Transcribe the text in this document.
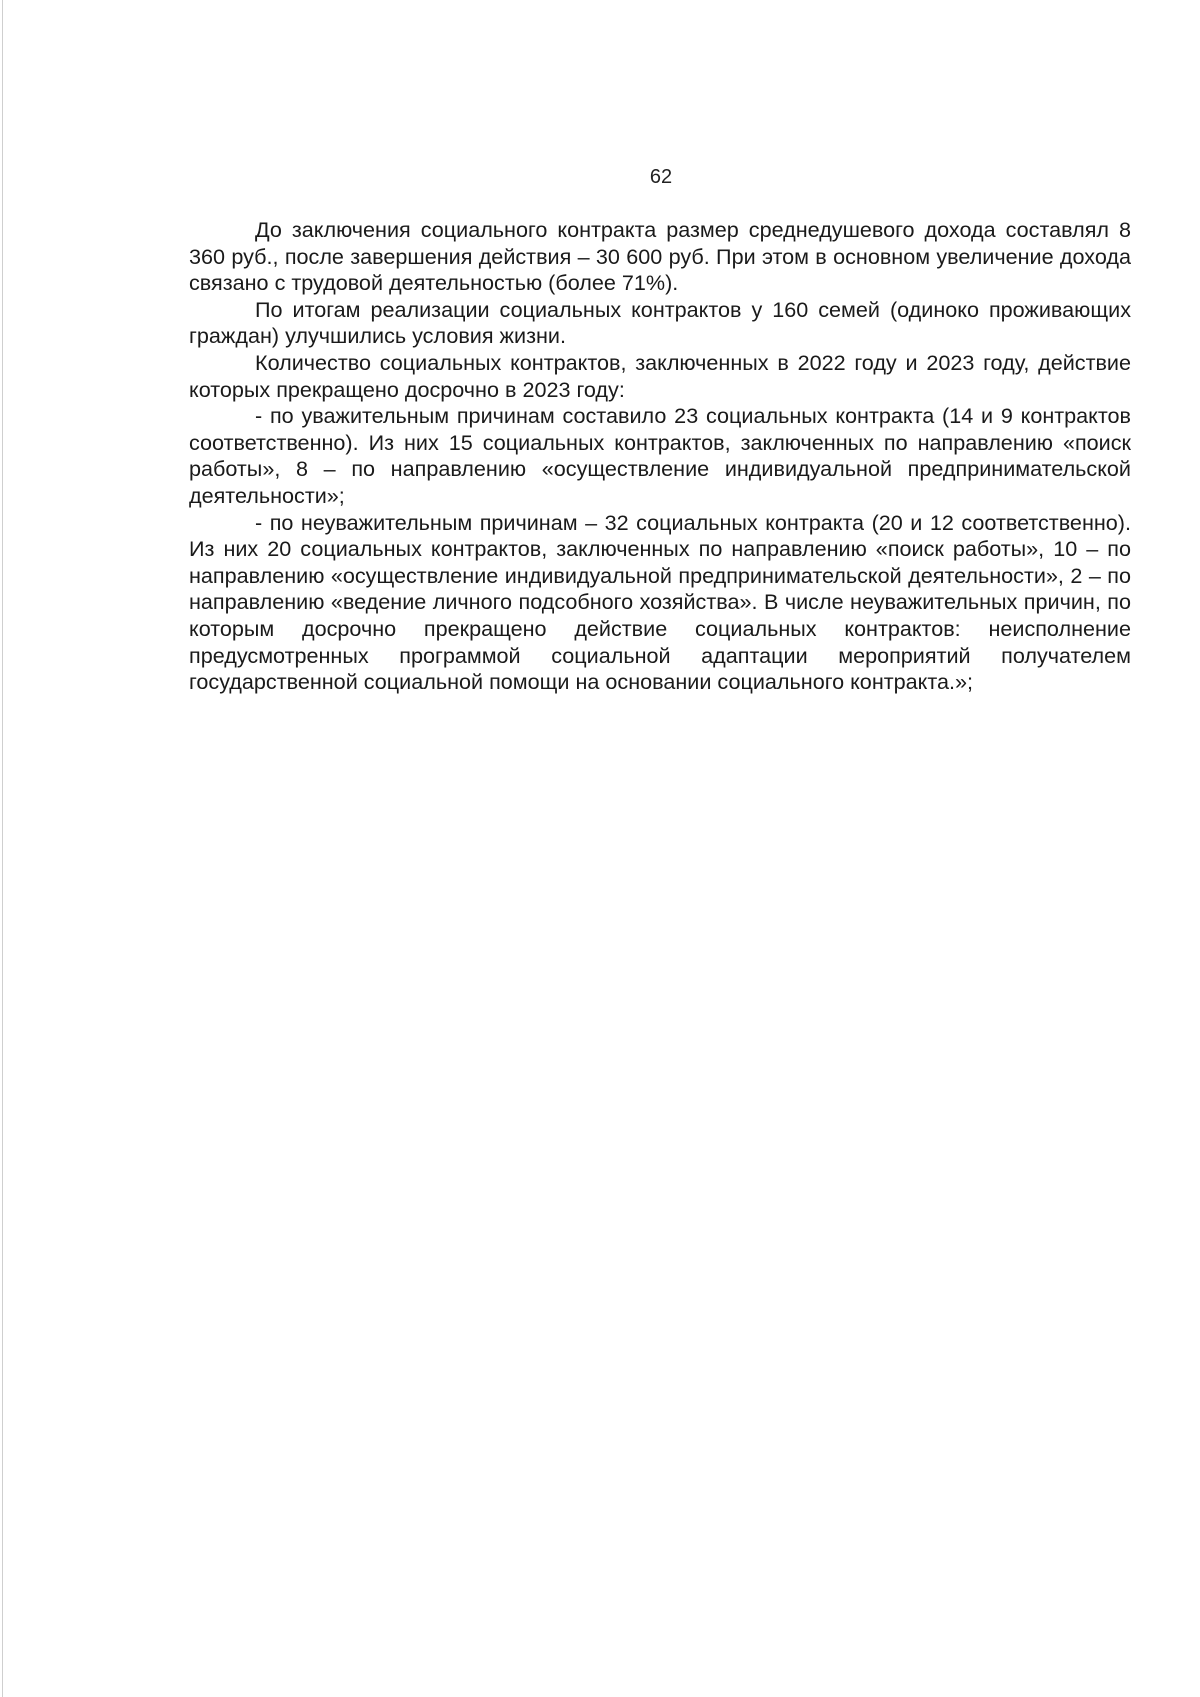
62

До заключения социального контракта размер среднедушевого дохода составлял 8 360 руб., после завершения действия – 30 600 руб. При этом в основном увеличение дохода связано с трудовой деятельностью (более 71%).

По итогам реализации социальных контрактов у 160 семей (одиноко проживающих граждан) улучшились условия жизни.

Количество социальных контрактов, заключенных в 2022 году и 2023 году, действие которых прекращено досрочно в 2023 году:

- по уважительным причинам составило 23 социальных контракта (14 и 9 контрактов соответственно). Из них 15 социальных контрактов, заключенных по направлению «поиск работы», 8 – по направлению «осуществление индивидуальной предпринимательской деятельности»;

- по неуважительным причинам – 32 социальных контракта (20 и 12 соответственно). Из них 20 социальных контрактов, заключенных по направлению «поиск работы», 10 – по направлению «осуществление индивидуальной предпринимательской деятельности», 2 – по направлению «ведение личного подсобного хозяйства». В числе неуважительных причин, по которым досрочно прекращено действие социальных контрактов: неисполнение предусмотренных программой социальной адаптации мероприятий получателем государственной социальной помощи на основании социального контракта.»;
